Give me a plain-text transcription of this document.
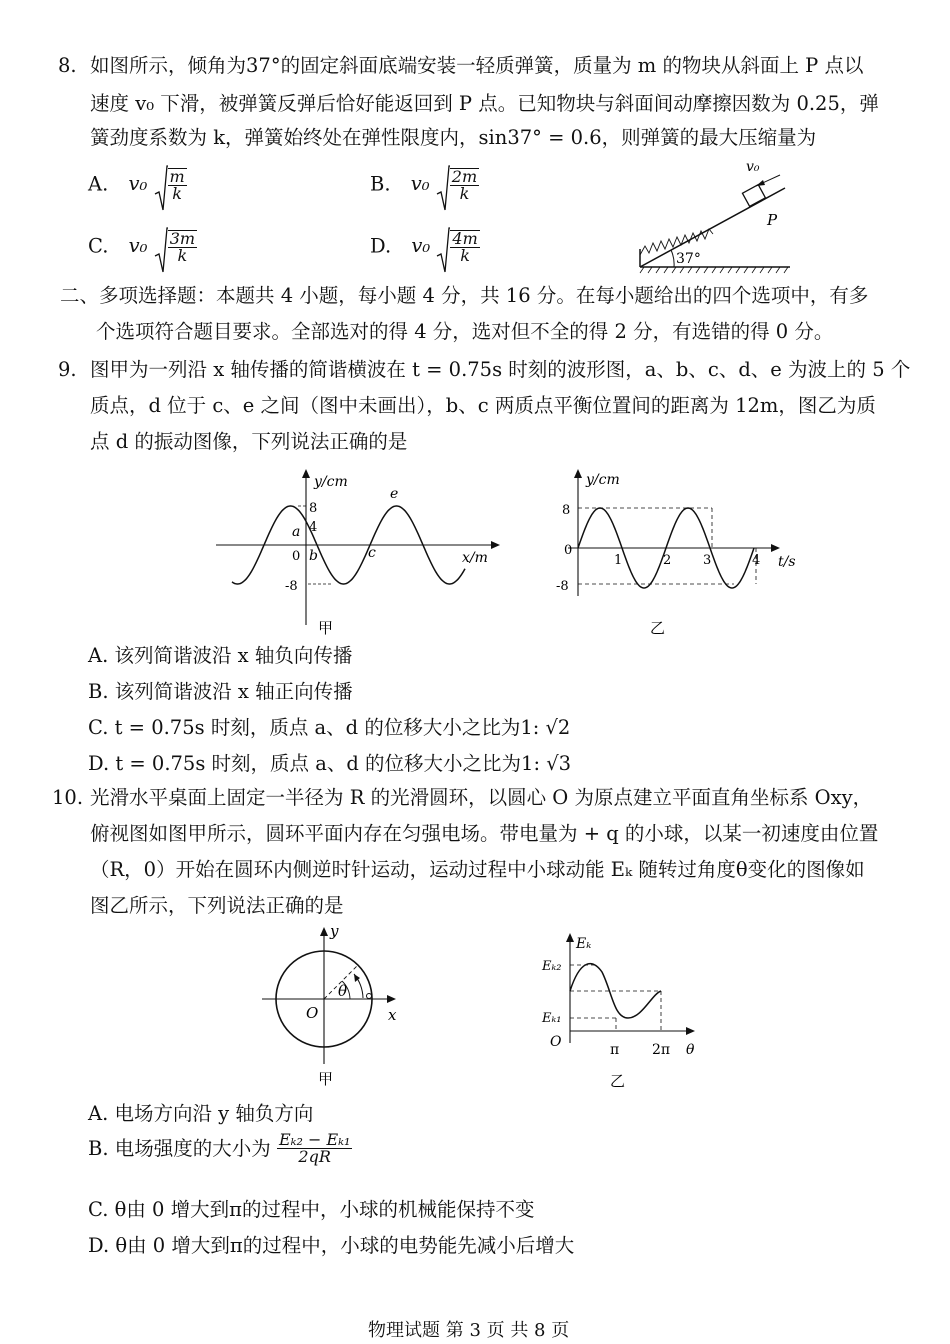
8. 如图所示，倾角为37°的固定斜面底端安装一轻质弹簧，质量为 m 的物块从斜面上 P 点以
速度 v₀ 下滑，被弹簧反弹后恰好能返回到 P 点。已知物块与斜面间动摩擦因数为 0.25，弹
簧劲度系数为 k，弹簧始终处在弹性限度内，sin37° = 0.6，则弹簧的最大压缩量为
A. $v_0 \frac{m}{k}$	B. $v_0 \frac{2m}{k}$
C. $v_0 \frac{3m}{k}$	D. $v_0 \frac{4m}{k}$	37°
P
v₀
二、多项选择题：本题共 4 小题，每小题 4 分，共 16 分。在每小题给出的四个选项中，有多
个选项符合题目要求。全部选对的得 4 分，选对但不全的得 2 分，有选错的得 0 分。
9. 图甲为一列沿 x 轴传播的简谐横波在 t = 0.75s 时刻的波形图，a、b、c、d、e 为波上的 5 个
质点，d 位于 c、e 之间（图中未画出），b、c 两质点平衡位置间的距离为 12m，图乙为质
点 d 的振动图像，下列说法正确的是
y/cm
x/m
8
4
0
-8
a
b	c
e
甲
y/cm
t/s
8
0
-8
1	2 3	4
乙
A. 该列简谐波沿 x 轴负向传播
B. 该列简谐波沿 x 轴正向传播
C. t = 0.75s 时刻，质点 a、d 的位移大小之比为1: √2
D. t = 0.75s 时刻，质点 a、d 的位移大小之比为1: √3
10. 光滑水平桌面上固定一半径为 R 的光滑圆环，以圆心 O 为原点建立平面直角坐标系 Oxy，
俯视图如图甲所示，圆环平面内存在匀强电场。带电量为 + q 的小球，以某一初速度由位置
（R，0）开始在圆环内侧逆时针运动，运动过程中小球动能 Eₖ 随转过角度θ变化的图像如
图乙所示，下列说法正确的是
y
x
O
θ
甲
Eₖ
Eₖ₂
Eₖ₁
O	π 2π θ
乙
A. 电场方向沿 y 轴负方向
B. 电场强度的大小为 $\frac{\text{Eₖ₂ − Eₖ₁}}{2qR}$
C. θ由 0 增大到π的过程中，小球的机械能保持不变
D. θ由 0 增大到π的过程中，小球的电势能先减小后增大
物理试题 第 3 页 共 8 页
